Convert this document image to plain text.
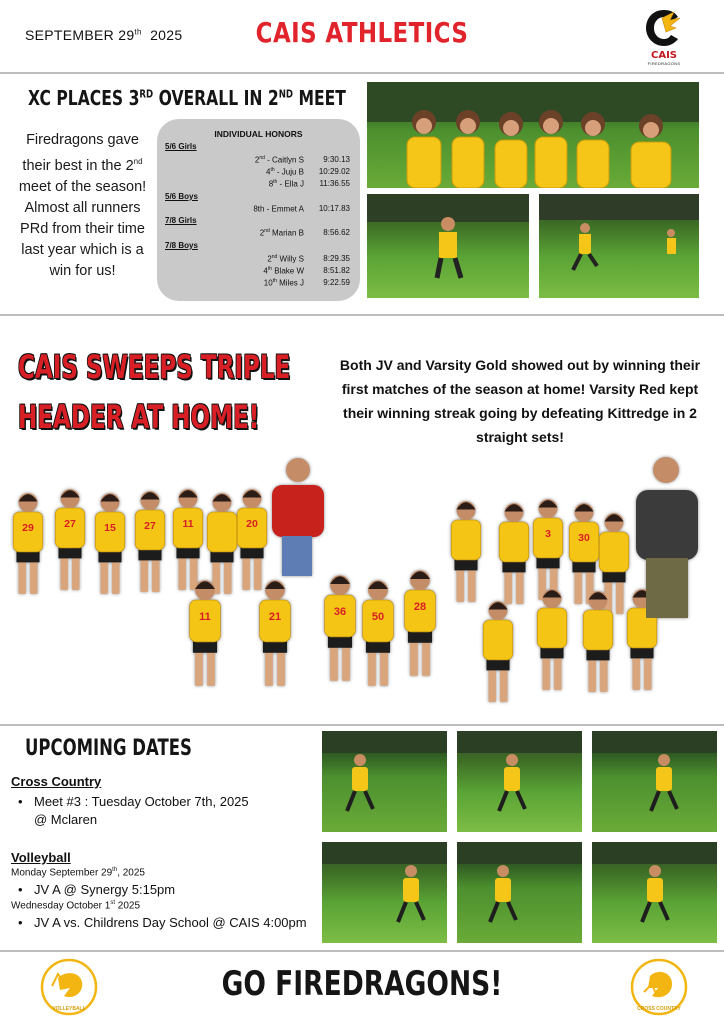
SEPTEMBER 29th 2025	CAIS ATHLETICS
CAIS
FIREDRAGONS
XC PLACES 3RD OVERALL IN 2ND MEET
Firedragons gave
their best in the 2nd
meet of the season!
Almost all runners
PRd from their time
last year which is a
win for us!
INDIVIDUAL HONORS
5/6 Girls
2nd - Caitlyn S 9:30.13
4th - Juju B 10:29.02
8th - Ella J 11:36.55
5/6 Boys
8th - Emmet A 10:17.83
7/8 Girls
2nd Marian B 8:56.62
7/8 Boys
2nd Willy S 8:29.35
4th Blake W 8:51.82
10th Miles J 9:22.59
CAIS SWEEPS TRIPLE
HEADER AT HOME!
Both JV and Varsity Gold showed out by winning their first matches of the season at home! Varsity Red kept their winning streak going by defeating Kittredge in 2 straight sets!
29	27	15	27	11	20
11	21	36 50
28
3	30
UPCOMING DATES
Cross Country
• Meet #3 : Tuesday October 7th, 2025
@ Mclaren
Volleyball
Monday September 29th, 2025
• JV A @ Synergy 5:15pm
Wednesday October 1st 2025
• JV A vs. Childrens Day School @ CAIS 4:00pm
VOLLEYBALL
GO FIREDRAGONS!
CROSS COUNTRY
